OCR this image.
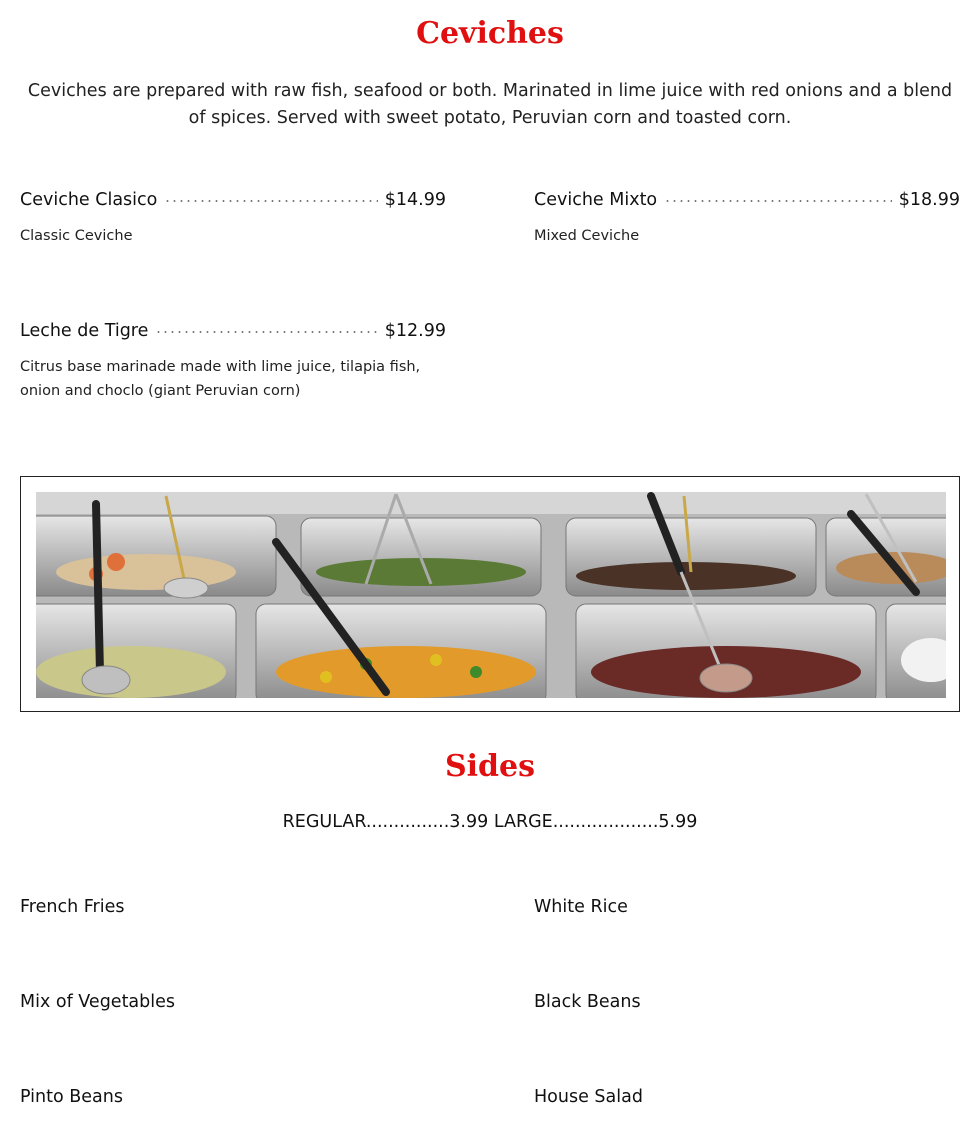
Ceviches

Ceviches are prepared with raw fish, seafood or both. Marinated in lime juice with red onions and a blend of spices. Served with sweet potato, Peruvian corn and toasted corn.

Ceviche Clasico	$14.99
Classic Ceviche
Ceviche Mixto	$18.99
Mixed Ceviche
Leche de Tigre	$12.99
Citrus base marinade made with lime juice, tilapia fish, onion and choclo (giant Peruvian corn)
Sides

REGULAR...............3.99 LARGE...................5.99

French Fries	White Rice

Mix of Vegetables	Black Beans

Pinto Beans	House Salad
